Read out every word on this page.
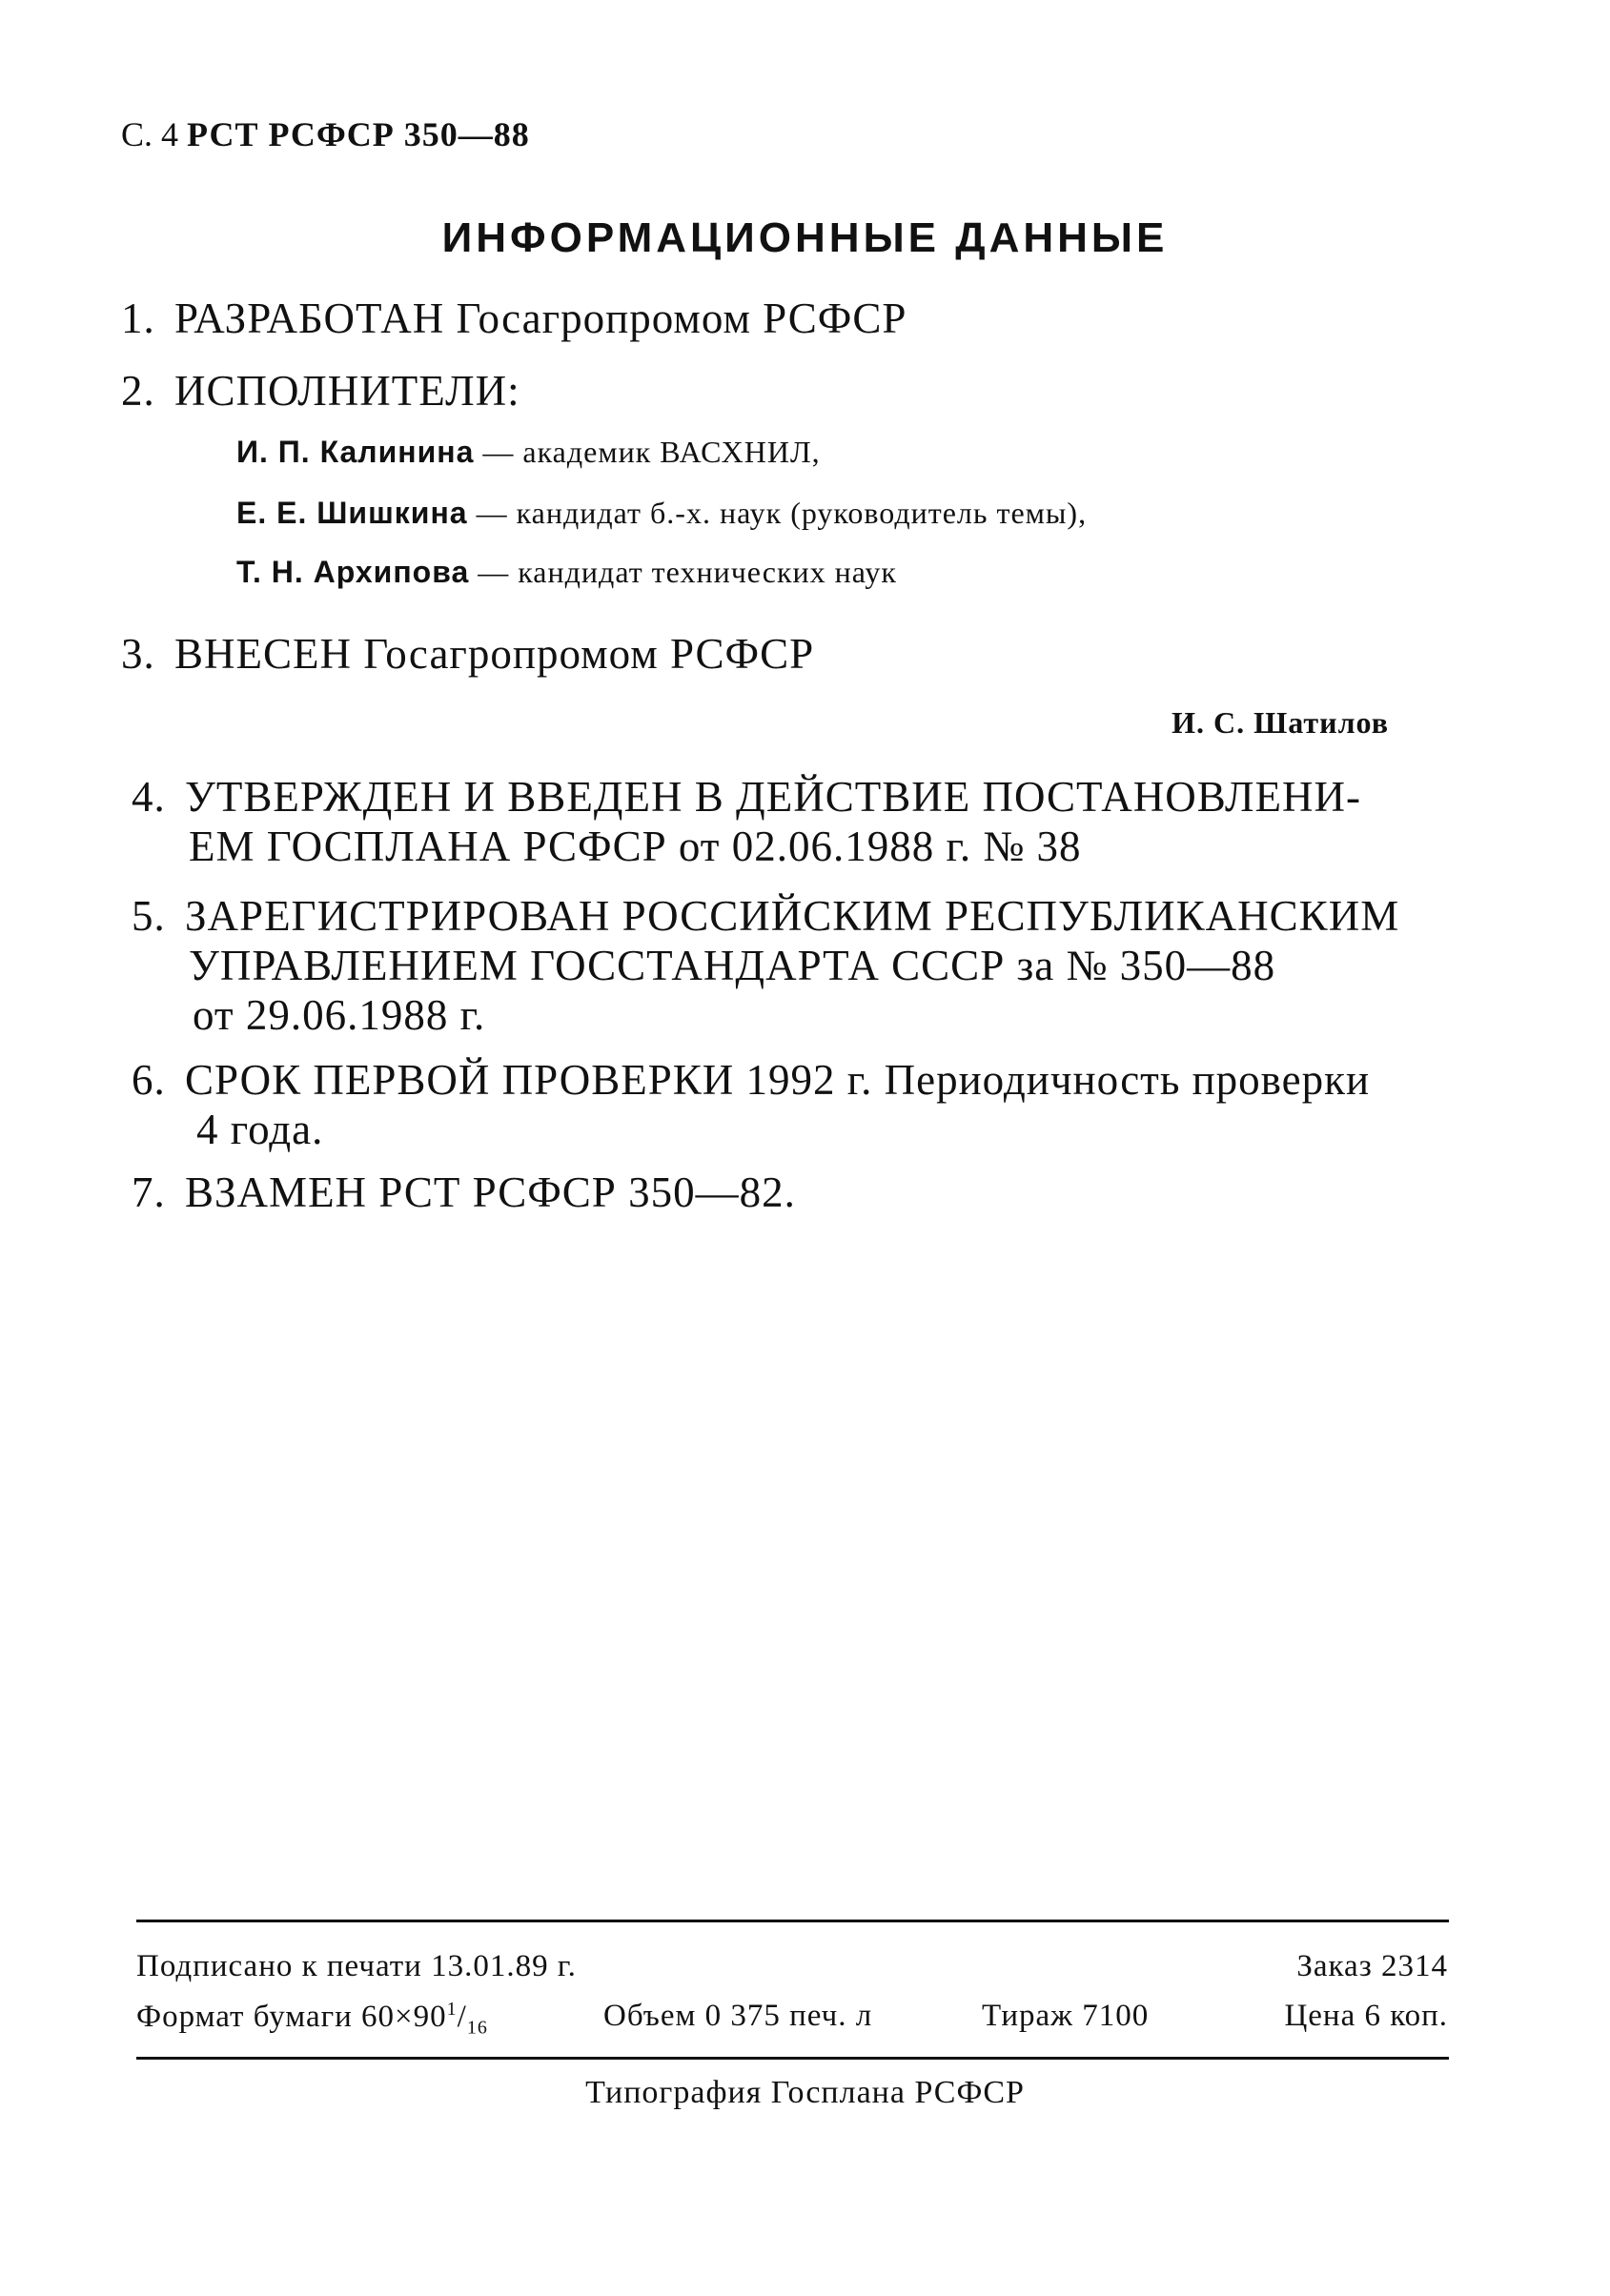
С. 4 РСТ РСФСР 350—88
ИНФОРМАЦИОННЫЕ ДАННЫЕ
1. РАЗРАБОТАН Госагропромом РСФСР
2. ИСПОЛНИТЕЛИ:
И. П. Калинина — академик ВАСХНИЛ,
Е. Е. Шишкина — кандидат б.-х. наук (руководитель темы),
Т. Н. Архипова — кандидат технических наук
3. ВНЕСЕН Госагропромом РСФСР
И. С. Шатилов
4. УТВЕРЖДЕН И ВВЕДЕН В ДЕЙСТВИЕ ПОСТАНОВЛЕНИ-
ЕМ ГОСПЛАНА РСФСР от 02.06.1988 г. № 38
5. ЗАРЕГИСТРИРОВАН РОССИЙСКИМ РЕСПУБЛИКАНСКИМ
УПРАВЛЕНИЕМ ГОССТАНДАРТА СССР за № 350—88
от 29.06.1988 г.
6. СРОК ПЕРВОЙ ПРОВЕРКИ 1992 г. Периодичность проверки
4 года.
7. ВЗАМЕН РСТ РСФСР 350—82.
Подписано к печати 13.01.89 г.	Заказ 2314
Формат бумаги $60\times 90^1/_{16}$	Объем 0 375 печ. л	Тираж 7100	Цена 6 коп.
Типография Госплана РСФСР
